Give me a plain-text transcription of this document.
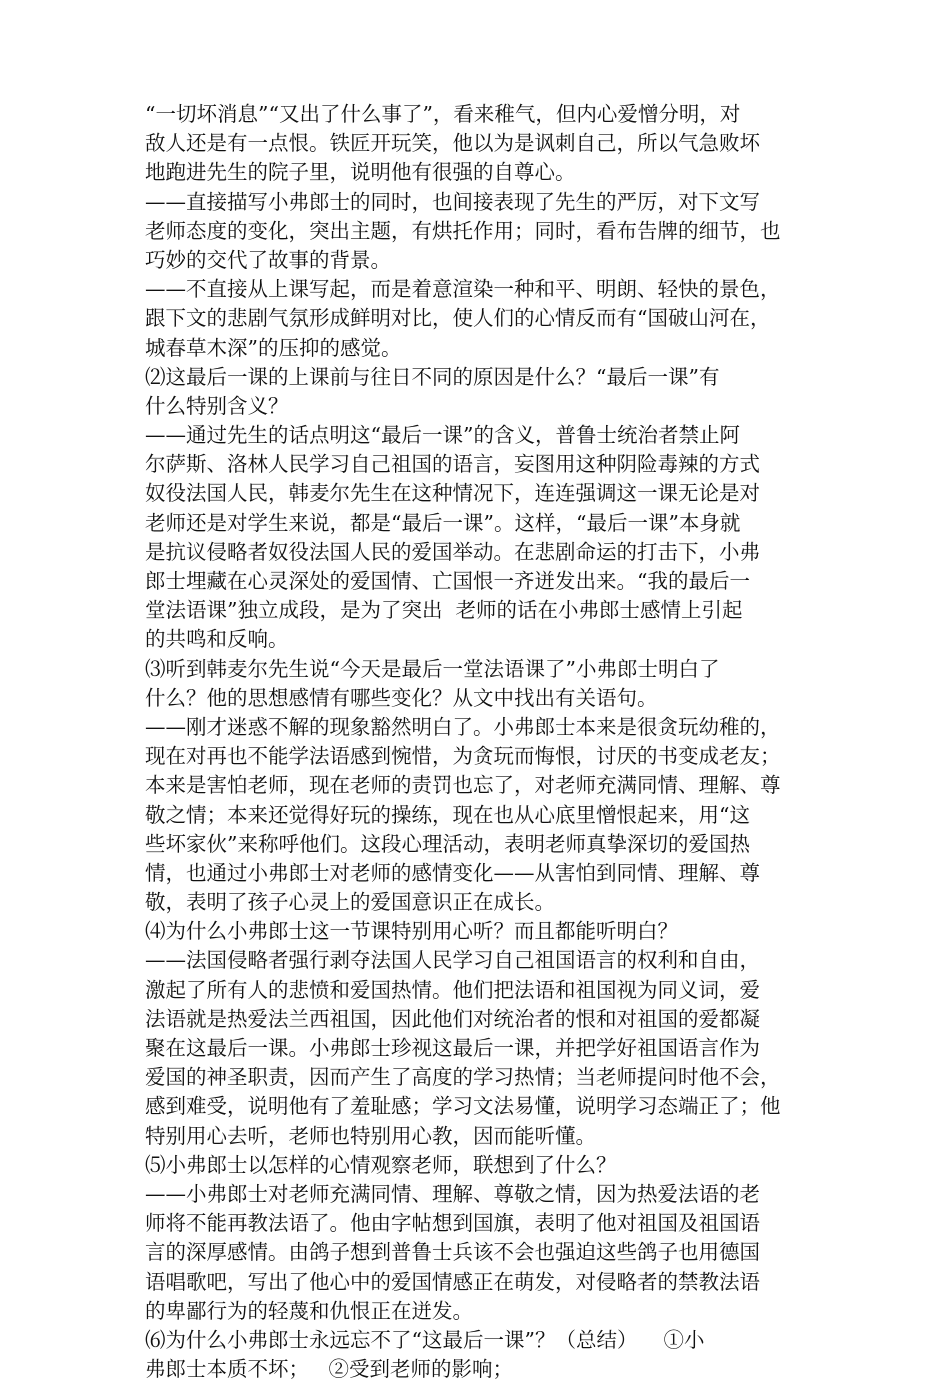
“一切坏消息”“又出了什么事了”，看来稚气，但内心爱憎分明，对
敌人还是有一点恨。铁匠开玩笑，他以为是讽刺自己，所以气急败坏
地跑进先生的院子里，说明他有很强的自尊心。
——直接描写小弗郎士的同时，也间接表现了先生的严厉，对下文写
老师态度的变化，突出主题，有烘托作用；同时，看布告牌的细节，也
巧妙的交代了故事的背景。
——不直接从上课写起，而是着意渲染一种和平、明朗、轻快的景色，
跟下文的悲剧气氛形成鲜明对比，使人们的心情反而有“国破山河在，
城春草木深”的压抑的感觉。
⑵这最后一课的上课前与往日不同的原因是什么？“最后一课”有
什么特别含义？
——通过先生的话点明这“最后一课”的含义，普鲁士统治者禁止阿
尔萨斯、洛林人民学习自己祖国的语言，妄图用这种阴险毒辣的方式
奴役法国人民，韩麦尔先生在这种情况下，连连强调这一课无论是对
老师还是对学生来说，都是“最后一课”。这样，“最后一课”本身就
是抗议侵略者奴役法国人民的爱国举动。在悲剧命运的打击下，小弗
郎士埋藏在心灵深处的爱国情、亡国恨一齐迸发出来。“我的最后一
堂法语课”独立成段，是为了突出  老师的话在小弗郎士感情上引起
的共鸣和反响。
⑶听到韩麦尔先生说“今天是最后一堂法语课了”小弗郎士明白了
什么？他的思想感情有哪些变化？从文中找出有关语句。
——刚才迷惑不解的现象豁然明白了。小弗郎士本来是很贪玩幼稚的，
现在对再也不能学法语感到惋惜，为贪玩而悔恨，讨厌的书变成老友；
本来是害怕老师，现在老师的责罚也忘了，对老师充满同情、理解、尊
敬之情；本来还觉得好玩的操练，现在也从心底里憎恨起来，用“这
些坏家伙”来称呼他们。这段心理活动，表明老师真挚深切的爱国热
情，也通过小弗郎士对老师的感情变化——从害怕到同情、理解、尊
敬，表明了孩子心灵上的爱国意识正在成长。
⑷为什么小弗郎士这一节课特别用心听？而且都能听明白？
——法国侵略者强行剥夺法国人民学习自己祖国语言的权利和自由，
激起了所有人的悲愤和爱国热情。他们把法语和祖国视为同义词，爱
法语就是热爱法兰西祖国，因此他们对统治者的恨和对祖国的爱都凝
聚在这最后一课。小弗郎士珍视这最后一课，并把学好祖国语言作为
爱国的神圣职责，因而产生了高度的学习热情；当老师提问时他不会，
感到难受，说明他有了羞耻感；学习文法易懂，说明学习态端正了；他
特别用心去听，老师也特别用心教，因而能听懂。
⑸小弗郎士以怎样的心情观察老师，联想到了什么？
——小弗郎士对老师充满同情、理解、尊敬之情，因为热爱法语的老
师将不能再教法语了。他由字帖想到国旗，表明了他对祖国及祖国语
言的深厚感情。由鸽子想到普鲁士兵该不会也强迫这些鸽子也用德国
语唱歌吧，写出了他心中的爱国情感正在萌发，对侵略者的禁教法语
的卑鄙行为的轻蔑和仇恨正在迸发。
⑹为什么小弗郎士永远忘不了“这最后一课”？（总结）    ①小
弗郎士本质不坏；   ②受到老师的影响；
